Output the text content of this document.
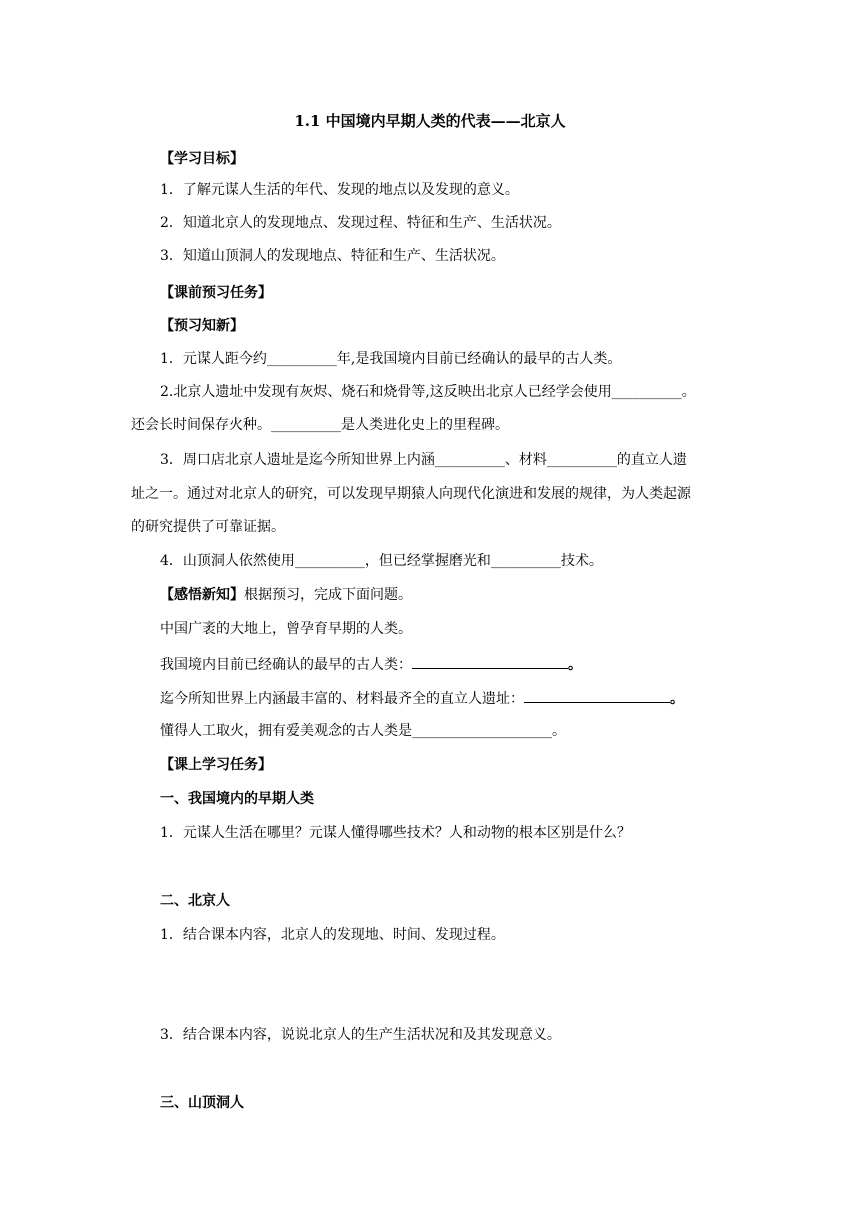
1.1 中国境内早期人类的代表——北京人
【学习目标】
1．了解元谋人生活的年代、发现的地点以及发现的意义。
2．知道北京人的发现地点、发现过程、特征和生产、生活状况。
3．知道山顶洞人的发现地点、特征和生产、生活状况。
【课前预习任务】
【预习知新】
1．元谋人距今约__________年,是我国境内目前已经确认的最早的古人类。
2.北京人遗址中发现有灰烬、烧石和烧骨等,这反映出北京人已经学会使用__________。
还会长时间保存火种。__________是人类进化史上的里程碑。
3．周口店北京人遗址是迄今所知世界上内涵__________、材料__________的直立人遗
址之一。通过对北京人的研究，可以发现早期猿人向现代化演进和发展的规律，为人类起源
的研究提供了可靠证据。
4．山顶洞人依然使用__________，但已经掌握磨光和__________技术。
【感悟新知】根据预习，完成下面问题。
中国广袤的大地上，曾孕育早期的人类。
我国境内目前已经确认的最早的古人类：	。
迄今所知世界上内涵最丰富的、材料最齐全的直立人遗址：	。
懂得人工取火，拥有爱美观念的古人类是____________________。
【课上学习任务】
一、我国境内的早期人类
1．元谋人生活在哪里？元谋人懂得哪些技术？人和动物的根本区别是什么？
二、北京人
1．结合课本内容，北京人的发现地、时间、发现过程。
3．结合课本内容，说说北京人的生产生活状况和及其发现意义。
三、山顶洞人
